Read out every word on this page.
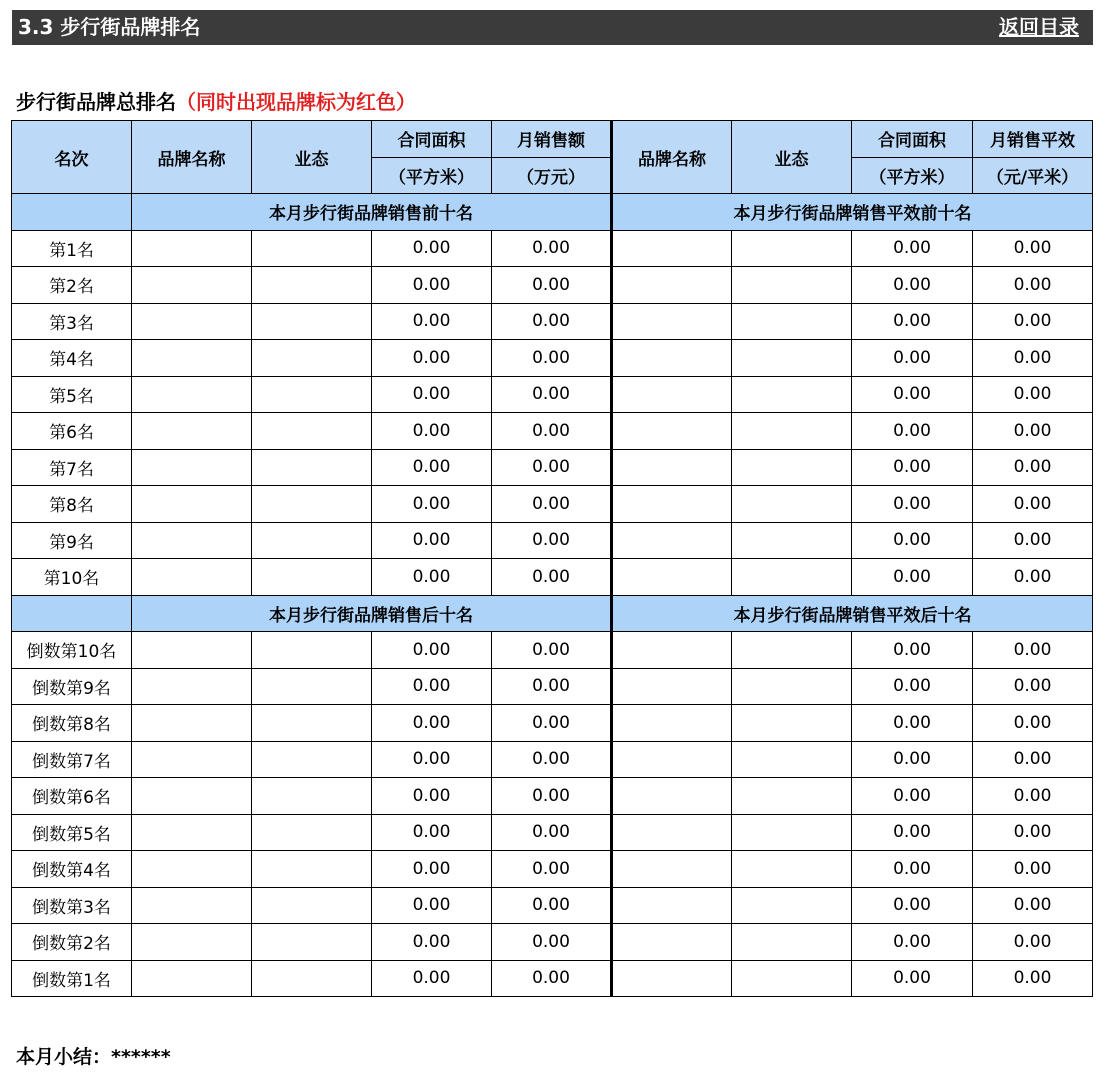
3.3 步行街品牌排名	返回目录
步行街品牌总排名（同时出现品牌标为红色）
名次	品牌名称	业态	合同面积	月销售额	品牌名称	业态	合同面积	月销售平效
			（平方米）	（万元）			（平方米）	（元/平米）
	本月步行街品牌销售前十名				本月步行街品牌销售平效前十名			
第1名			0.00	0.00			0.00	0.00
第2名			0.00	0.00			0.00	0.00
第3名			0.00	0.00			0.00	0.00
第4名			0.00	0.00			0.00	0.00
第5名			0.00	0.00			0.00	0.00
第6名			0.00	0.00			0.00	0.00
第7名			0.00	0.00			0.00	0.00
第8名			0.00	0.00			0.00	0.00
第9名			0.00	0.00			0.00	0.00
第10名			0.00	0.00			0.00	0.00
	本月步行街品牌销售后十名				本月步行街品牌销售平效后十名			
倒数第10名			0.00	0.00			0.00	0.00
倒数第9名			0.00	0.00			0.00	0.00
倒数第8名			0.00	0.00			0.00	0.00
倒数第7名			0.00	0.00			0.00	0.00
倒数第6名			0.00	0.00			0.00	0.00
倒数第5名			0.00	0.00			0.00	0.00
倒数第4名			0.00	0.00			0.00	0.00
倒数第3名			0.00	0.00			0.00	0.00
倒数第2名			0.00	0.00			0.00	0.00
倒数第1名			0.00	0.00			0.00	0.00
本月小结：******
